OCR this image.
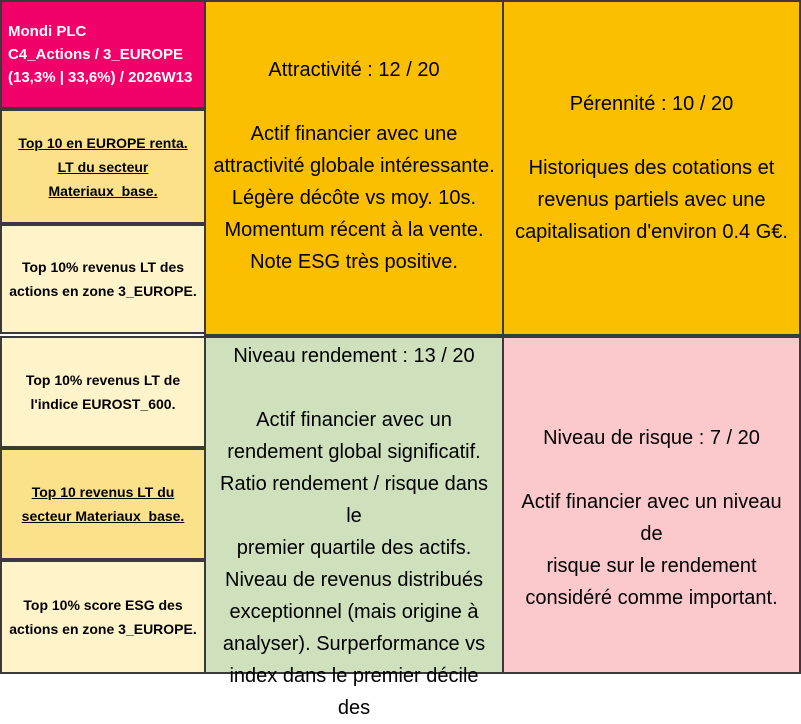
Mondi PLC
C4_Actions / 3_EUROPE
(13,3% | 33,6%) / 2026W13
Top 10 en EUROPE renta.
LT du secteur
Materiaux_base.
Top 10% revenus LT des
actions en zone 3_EUROPE.
Top 10% revenus LT de
l'indice EUROST_600.
Top 10 revenus LT du
secteur Materiaux_base.
Top 10% score ESG des
actions en zone 3_EUROPE.
Attractivité : 12 / 20
Actif financier avec une
attractivité globale intéressante.
Légère décôte vs moy. 10s.
Momentum récent à la vente.
Note ESG très positive.
Pérennité : 10 / 20
Historiques des cotations et
revenus partiels avec une
capitalisation d'environ 0.4 G€.
Niveau rendement : 13 / 20
Actif financier avec un
rendement global significatif.
Ratio rendement / risque dans le
premier quartile des actifs.
Niveau de revenus distribués
exceptionnel (mais origine à
analyser). Surperformance vs
index dans le premier décile des
Niveau de risque : 7 / 20
Actif financier avec un niveau de
risque sur le rendement
considéré comme important.
